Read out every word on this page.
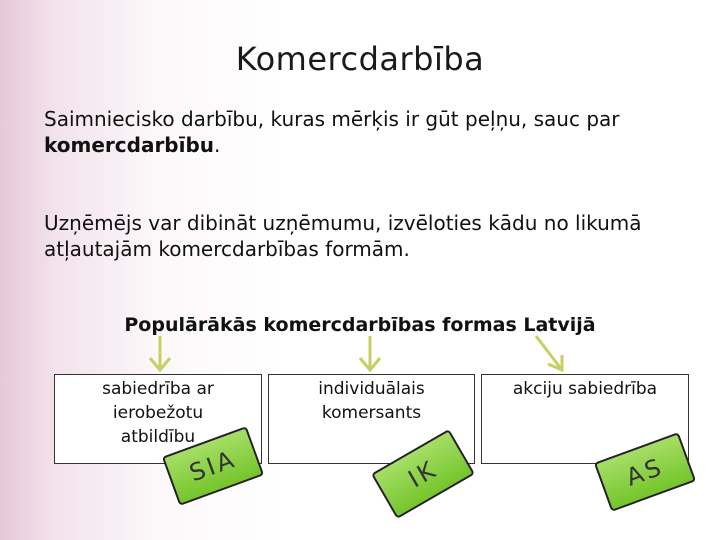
Komercdarbība
Saimniecisko darbību, kuras mērķis ir gūt peļņu, sauc par komercdarbību.
Uzņēmējs var dibināt uzņēmumu, izvēloties kādu no likumā atļautajām komercdarbības formām.
Populārākās komercdarbības formas Latvijā
sabiedrība ar
ierobežotu
atbildību
individuālais
komersants
akciju sabiedrība
SIA	IK	AS
